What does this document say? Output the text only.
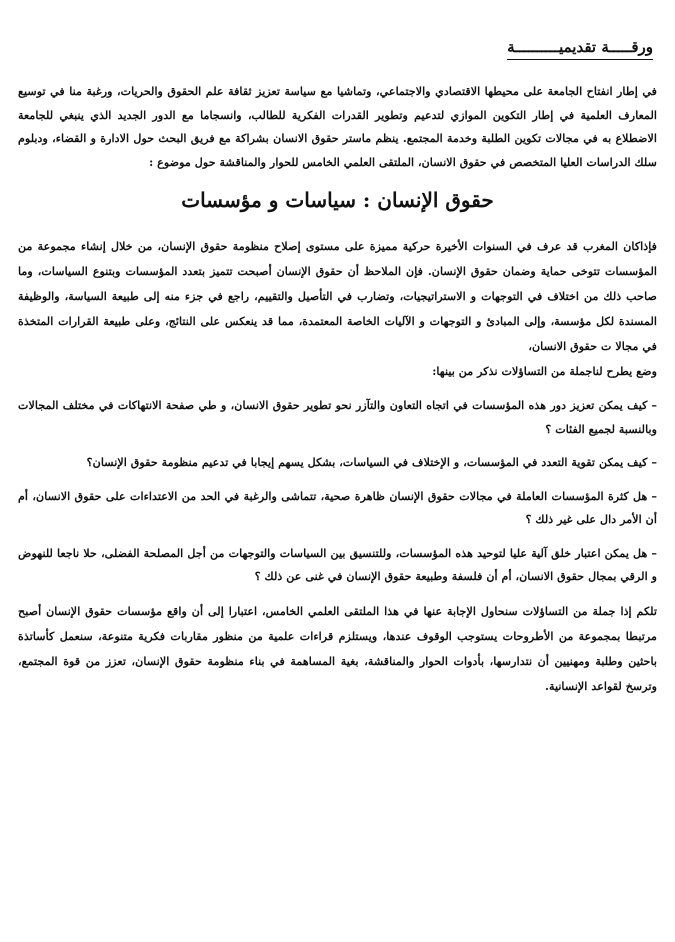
ورقـــــة تقديميــــــــــة

في إطار انفتاح الجامعة على محيطها الاقتصادي والاجتماعي، وتماشيا مع سياسة تعزيز ثقافة علم الحقوق والحريات، ورغبة منا في توسيع المعارف العلمية في إطار التكوين الموازي لتدعيم وتطوير القدرات الفكرية للطالب، وانسجاما مع الدور الجديد الذي ينبغي للجامعة الاضطلاع به في مجالات تكوين الطلبة وخدمة المجتمع. ينظم ماستر حقوق الانسان بشراكة مع فريق البحث حول الادارة و القضاء، ودبلوم سلك الدراسات العليا المتخصص في حقوق الانسان، الملتقى العلمي الخامس للحوار والمناقشة حول موضوع :

حقوق الإنسان : سياسات و مؤسسات

فإذاكان المغرب قد عرف في السنوات الأخيرة حركية مميزة على مستوى إصلاح منظومة حقوق الإنسان، من خلال إنشاء مجموعة من المؤسسات تتوخى حماية وضمان حقوق الإنسان. فإن الملاحظ أن حقوق الإنسان أصبحت تتميز بتعدد المؤسسات وبتنوع السياسات، وما صاحب ذلك من اختلاف في التوجهات و الاستراتيجيات، وتضارب في التأصيل والتقييم، راجع في جزء منه إلى طبيعة السياسة، والوظيفة المسندة لكل مؤسسة، وإلى المبادئ و التوجهات و الآليات الخاصة المعتمدة، مما قد ينعكس على النتائج، وعلى طبيعة القرارات المتخذة في مجالا ت حقوق الانسان،
وضع يطرح لناجملة من التساؤلات نذكر من بينها:

–كيف يمكن تعزيز دور هذه المؤسسات في اتجاه التعاون والتآزر نحو تطوير حقوق الانسان، و طي صفحة الانتهاكات في مختلف المجالات وبالنسبة لجميع الفئات ؟

–كيف يمكن تقوية التعدد في المؤسسات، و الإختلاف في السياسات، بشكل يسهم إيجابا في تدعيم منظومة حقوق الإنسان؟

–هل كثرة المؤسسات العاملة في مجالات حقوق الإنسان ظاهرة صحية، تتماشى والرغبة في الحد من الاعتداءات على حقوق الانسان، أم أن الأمر دال على غير ذلك ؟

–هل يمكن اعتبار خلق آلية عليا لتوحيد هذه المؤسسات، وللتنسيق بين السياسات والتوجهات من أجل المصلحة الفضلى، حلا ناجعا للنهوض و الرقي بمجال حقوق الانسان، أم أن فلسفة وطبيعة حقوق الإنسان في غنى عن ذلك ؟

تلكم إذا جملة من التساؤلات سنحاول الإجابة عنها في هذا الملتقى العلمي الخامس، اعتبارا إلى أن واقع مؤسسات حقوق الإنسان أصبح مرتبطا بمجموعة من الأطروحات يستوجب الوقوف عندها، ويستلزم قراءات علمية من منظور مقاربات فكرية متنوعة، سنعمل كأساتذة باحثين وطلبة ومهنيين أن نتدارسها، بأدوات الحوار والمناقشة، بغية المساهمة في بناء منظومة حقوق الإنسان، تعزز من قوة المجتمع، وترسخ لقواعد الإنسانية.
